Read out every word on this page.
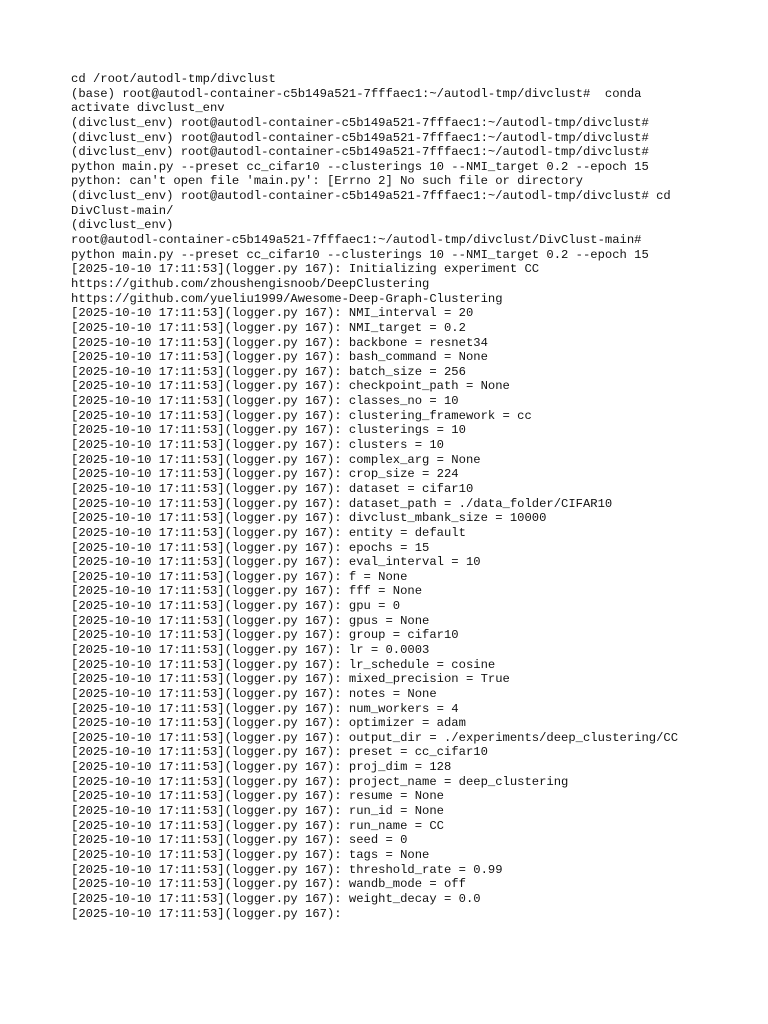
cd /root/autodl-tmp/divclust
(base) root@autodl-container-c5b149a521-7fffaec1:~/autodl-tmp/divclust#  conda
activate divclust_env
(divclust_env) root@autodl-container-c5b149a521-7fffaec1:~/autodl-tmp/divclust#
(divclust_env) root@autodl-container-c5b149a521-7fffaec1:~/autodl-tmp/divclust#
(divclust_env) root@autodl-container-c5b149a521-7fffaec1:~/autodl-tmp/divclust#
python main.py --preset cc_cifar10 --clusterings 10 --NMI_target 0.2 --epoch 15
python: can't open file 'main.py': [Errno 2] No such file or directory
(divclust_env) root@autodl-container-c5b149a521-7fffaec1:~/autodl-tmp/divclust# cd
DivClust-main/
(divclust_env)
root@autodl-container-c5b149a521-7fffaec1:~/autodl-tmp/divclust/DivClust-main#
python main.py --preset cc_cifar10 --clusterings 10 --NMI_target 0.2 --epoch 15
[2025-10-10 17:11:53](logger.py 167): Initializing experiment CC
https://github.com/zhoushengisnoob/DeepClustering
https://github.com/yueliu1999/Awesome-Deep-Graph-Clustering
[2025-10-10 17:11:53](logger.py 167): NMI_interval = 20
[2025-10-10 17:11:53](logger.py 167): NMI_target = 0.2
[2025-10-10 17:11:53](logger.py 167): backbone = resnet34
[2025-10-10 17:11:53](logger.py 167): bash_command = None
[2025-10-10 17:11:53](logger.py 167): batch_size = 256
[2025-10-10 17:11:53](logger.py 167): checkpoint_path = None
[2025-10-10 17:11:53](logger.py 167): classes_no = 10
[2025-10-10 17:11:53](logger.py 167): clustering_framework = cc
[2025-10-10 17:11:53](logger.py 167): clusterings = 10
[2025-10-10 17:11:53](logger.py 167): clusters = 10
[2025-10-10 17:11:53](logger.py 167): complex_arg = None
[2025-10-10 17:11:53](logger.py 167): crop_size = 224
[2025-10-10 17:11:53](logger.py 167): dataset = cifar10
[2025-10-10 17:11:53](logger.py 167): dataset_path = ./data_folder/CIFAR10
[2025-10-10 17:11:53](logger.py 167): divclust_mbank_size = 10000
[2025-10-10 17:11:53](logger.py 167): entity = default
[2025-10-10 17:11:53](logger.py 167): epochs = 15
[2025-10-10 17:11:53](logger.py 167): eval_interval = 10
[2025-10-10 17:11:53](logger.py 167): f = None
[2025-10-10 17:11:53](logger.py 167): fff = None
[2025-10-10 17:11:53](logger.py 167): gpu = 0
[2025-10-10 17:11:53](logger.py 167): gpus = None
[2025-10-10 17:11:53](logger.py 167): group = cifar10
[2025-10-10 17:11:53](logger.py 167): lr = 0.0003
[2025-10-10 17:11:53](logger.py 167): lr_schedule = cosine
[2025-10-10 17:11:53](logger.py 167): mixed_precision = True
[2025-10-10 17:11:53](logger.py 167): notes = None
[2025-10-10 17:11:53](logger.py 167): num_workers = 4
[2025-10-10 17:11:53](logger.py 167): optimizer = adam
[2025-10-10 17:11:53](logger.py 167): output_dir = ./experiments/deep_clustering/CC
[2025-10-10 17:11:53](logger.py 167): preset = cc_cifar10
[2025-10-10 17:11:53](logger.py 167): proj_dim = 128
[2025-10-10 17:11:53](logger.py 167): project_name = deep_clustering
[2025-10-10 17:11:53](logger.py 167): resume = None
[2025-10-10 17:11:53](logger.py 167): run_id = None
[2025-10-10 17:11:53](logger.py 167): run_name = CC
[2025-10-10 17:11:53](logger.py 167): seed = 0
[2025-10-10 17:11:53](logger.py 167): tags = None
[2025-10-10 17:11:53](logger.py 167): threshold_rate = 0.99
[2025-10-10 17:11:53](logger.py 167): wandb_mode = off
[2025-10-10 17:11:53](logger.py 167): weight_decay = 0.0
[2025-10-10 17:11:53](logger.py 167):
